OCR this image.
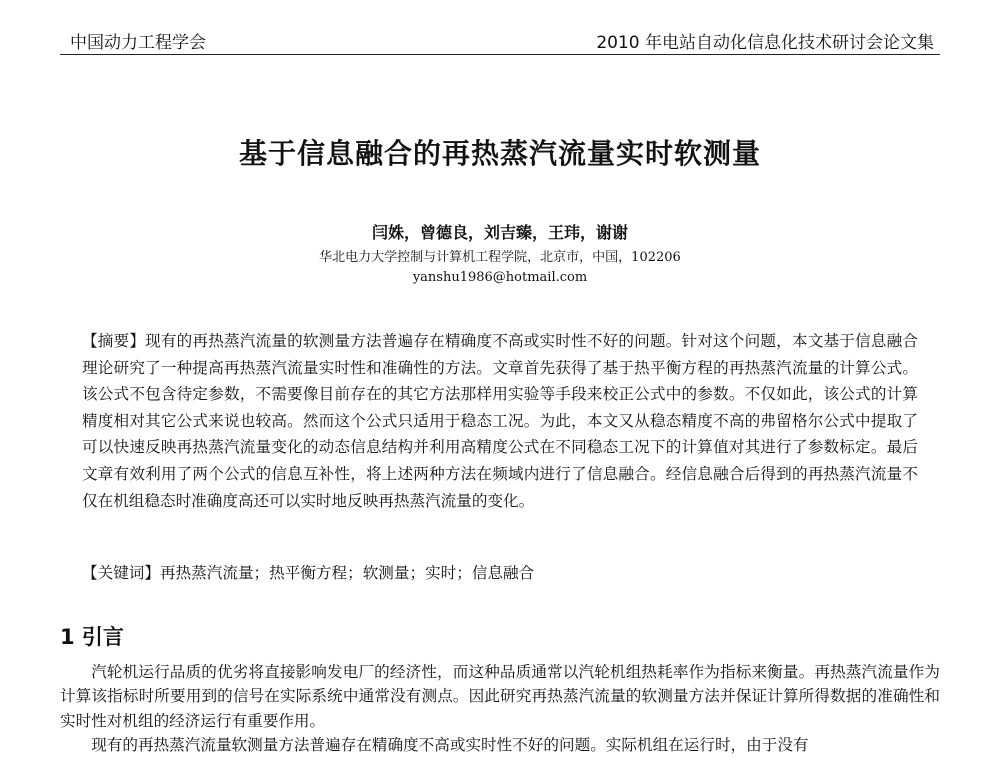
中国动力工程学会	2010 年电站自动化信息化技术研讨会论文集
基于信息融合的再热蒸汽流量实时软测量
闫姝，曾德良，刘吉臻，王玮，谢谢
华北电力大学控制与计算机工程学院，北京市，中国，102206
yanshu1986@hotmail.com

【摘要】现有的再热蒸汽流量的软测量方法普遍存在精确度不高或实时性不好的问题。针对这个问题，本文基于信息融合理论研究了一种提高再热蒸汽流量实时性和准确性的方法。文章首先获得了基于热平衡方程的再热蒸汽流量的计算公式。该公式不包含待定参数，不需要像目前存在的其它方法那样用实验等手段来校正公式中的参数。不仅如此，该公式的计算精度相对其它公式来说也较高。然而这个公式只适用于稳态工况。为此，本文又从稳态精度不高的弗留格尔公式中提取了可以快速反映再热蒸汽流量变化的动态信息结构并利用高精度公式在不同稳态工况下的计算值对其进行了参数标定。最后文章有效利用了两个公式的信息互补性，将上述两种方法在频域内进行了信息融合。经信息融合后得到的再热蒸汽流量不仅在机组稳态时准确度高还可以实时地反映再热蒸汽流量的变化。

【关键词】再热蒸汽流量；热平衡方程；软测量；实时；信息融合
1 引言

汽轮机运行品质的优劣将直接影响发电厂的经济性，而这种品质通常以汽轮机组热耗率作为指标来衡量。再热蒸汽流量作为计算该指标时所要用到的信号在实际系统中通常没有测点。因此研究再热蒸汽流量的软测量方法并保证计算所得数据的准确性和实时性对机组的经济运行有重要作用。

现有的再热蒸汽流量软测量方法普遍存在精确度不高或实时性不好的问题。实际机组在运行时，由于没有
